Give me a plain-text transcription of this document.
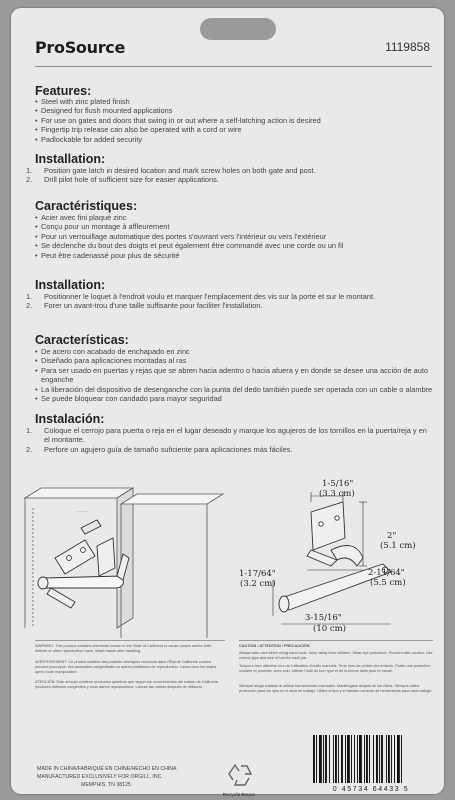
ProSource	1119858
Features:
• Steel with zinc plated finish
• Designed for flush mounted applications
• For use on gates and doors that swing in or out where a self-latching action is desired
• Fingertip trip release can also be operated with a cord or wire
• Padlockable for added security
Installation:
1. Position gate latch in desired location and mark screw holes on both gate and post.
2. Drill pilot hole of sufficient size for easier applications.
Caractéristiques:
• Acier avec fini plaqué zinc
• Conçu pour un montage à affleurement
• Pour un verrouillage automatique des portes s'ouvrant vers l'intérieur ou vers l'extérieur
• Se déclenche du bout des doigts et peut également être commandé avec une corde ou un fil
• Peut être cadenassé pour plus de sécurité
Installation:
1. Positionner le loquet à l'endroit voulu et marquer l'emplacement des vis sur la porte et sur le montant.
2. Forer un avant-trou d'une taille suffisante pour faciliter l'installation.
Características:
• De acero con acabado de enchapado en zinc
• Diseñado para aplicaciones montadas al ras
• Para ser usado en puertas y rejas que se abren hacia adentro o hacia afuera y en donde se desee una acción de auto enganche
• La liberación del dispositivo de desenganche con la punta del dedo también puede ser operada con un cable o alambre
• Se puede bloquear con candado para mayor seguridad
Instalación:
1. Coloque el cerrojo para puerta o reja en el lugar deseado y marque los agujeros de los tornillos en la puerta/reja y en el montante.
2. Perfore un agujero guía de tamaño suficiente para aplicaciones más fáciles.
— — —
1-5/16"
(3.3 cm)
2"
(5.1 cm)
2-11/64"
(5.5 cm)
1-17/64"
(3.2 cm)
3-15/16"
(10 cm)
WARNING: This product contains chemicals known to the State of California to cause cancer and/or birth defects or other reproductive harm. Wash hands after handling.
AVERTISSEMENT: Ce produit contient des produits chimiques reconnus dans l'État de Californie comme pouvant provoquer des anomalies congénitales ou autres problèmes de reproduction. Lavez-vous les mains après toute manipulation.
ATENCIÓN: Este artículo contiene productos químicos que según los conocimientos del estado de California producen defectos congénitos y otros daños reproductivos. Lávese las manos después de utilizarlo.
CAUTION / ATTENTION / PRECAUCIÓN
Always take care when using hand tools. Keep away from children. Wear eye protection. Proceed with caution. Use correct type and size of tool for each job.
Toujours faire attention lors de l'utilisation d'outils manuels. Tenir hors de portée des enfants. Porter une protection oculaire et procéder avec soin. Utiliser l'outil du bon type et de la bonne taille pour le travail.
Siempre tenga cuidado al utilizar herramientas manuales. Manténgase alejado de los niños. Siempre utilice protección para los ojos en el área de trabajo. Utilice el tipo y el tamaño correcto de herramienta para cada trabajo.
MADE IN CHINA/FABRIQUÉ EN CHINE/HECHO EN CHINA
MANUFACTURED EXCLUSIVELY FOR ORGILL, INC.
MEMPHIS, TN 38125
Recycle Reuse
0 45734 64433 5
